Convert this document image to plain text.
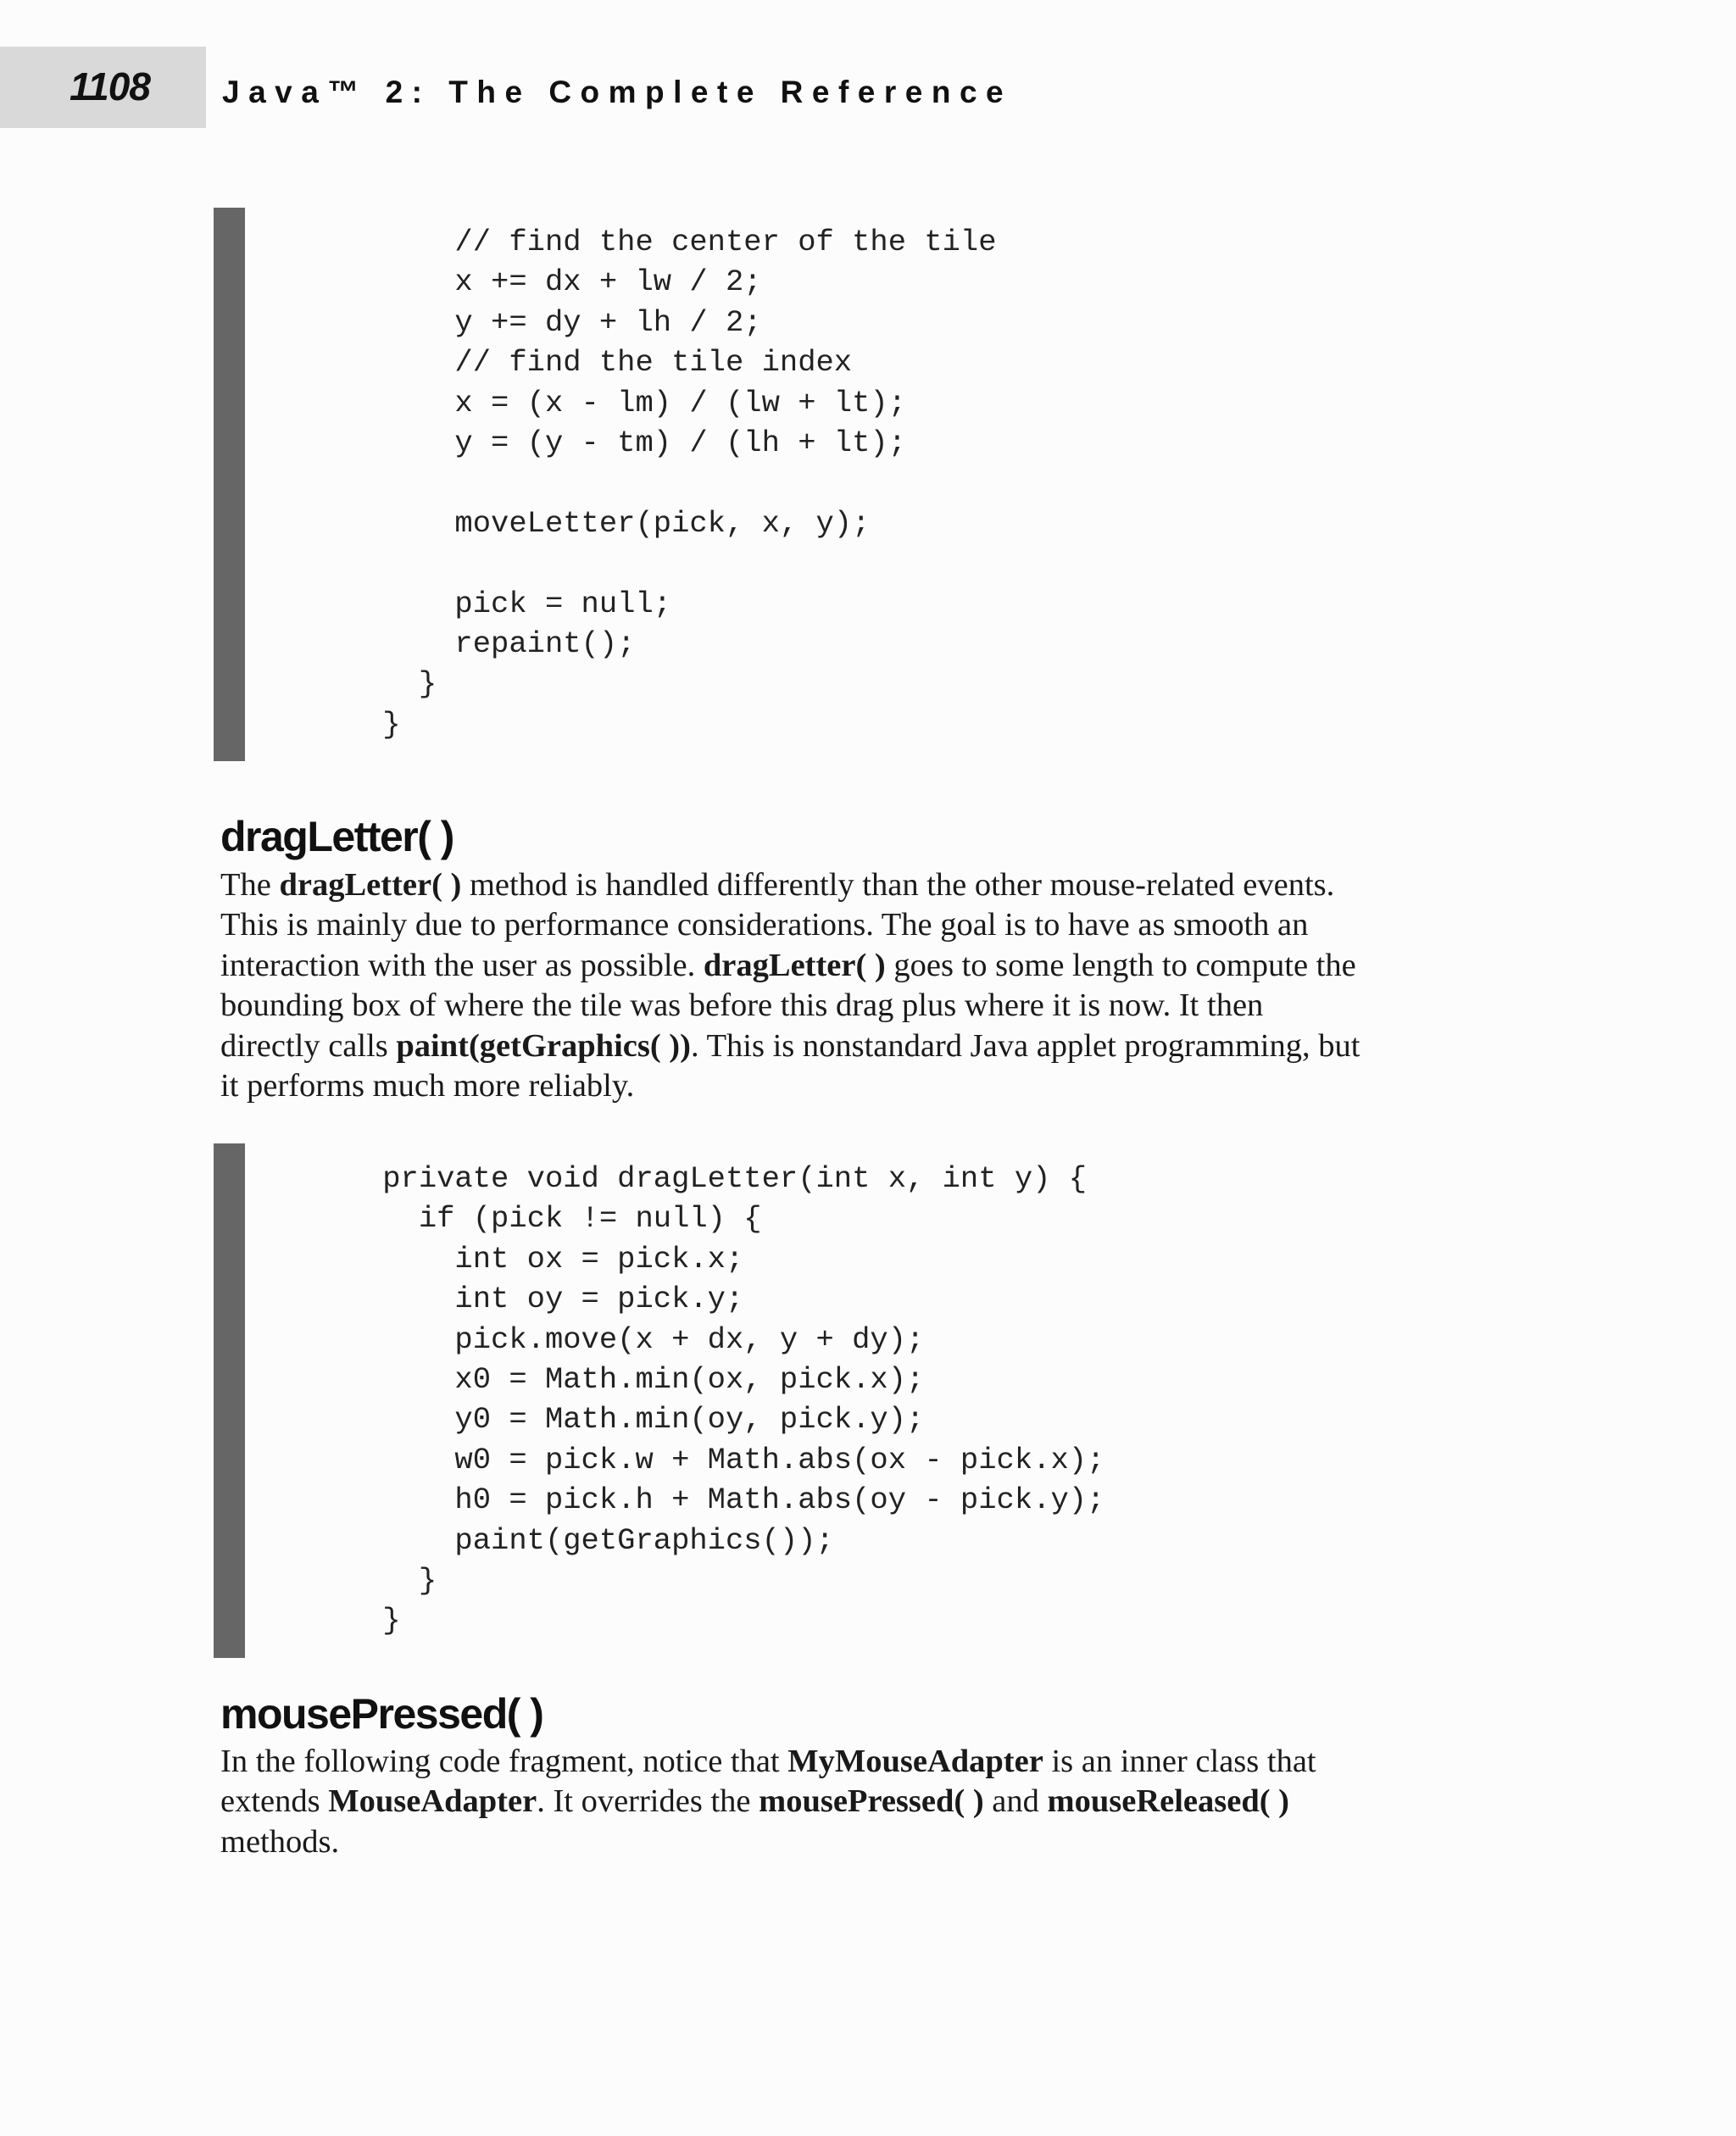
1108 Java™ 2: The Complete Reference
// find the center of the tile
x += dx + lw / 2;
y += dy + lh / 2;
// find the tile index
x = (x - lm) / (lw + lt);
y = (y - tm) / (lh + lt);

moveLetter(pick, x, y);

pick = null;
repaint();
}
}

dragLetter( )

The dragLetter( ) method is handled differently than the other mouse-related events.
This is mainly due to performance considerations. The goal is to have as smooth an
interaction with the user as possible. dragLetter( ) goes to some length to compute the
bounding box of where the tile was before this drag plus where it is now. It then
directly calls paint(getGraphics( )). This is nonstandard Java applet programming, but
it performs much more reliably.

private void dragLetter(int x, int y) {
if (pick != null) {
int ox = pick.x;
int oy = pick.y;
pick.move(x + dx, y + dy);
x0 = Math.min(ox, pick.x);
y0 = Math.min(oy, pick.y);
w0 = pick.w + Math.abs(ox - pick.x);
h0 = pick.h + Math.abs(oy - pick.y);
paint(getGraphics());
}
}

mousePressed( )

In the following code fragment, notice that MyMouseAdapter is an inner class that
extends MouseAdapter. It overrides the mousePressed( ) and mouseReleased( )
methods.
